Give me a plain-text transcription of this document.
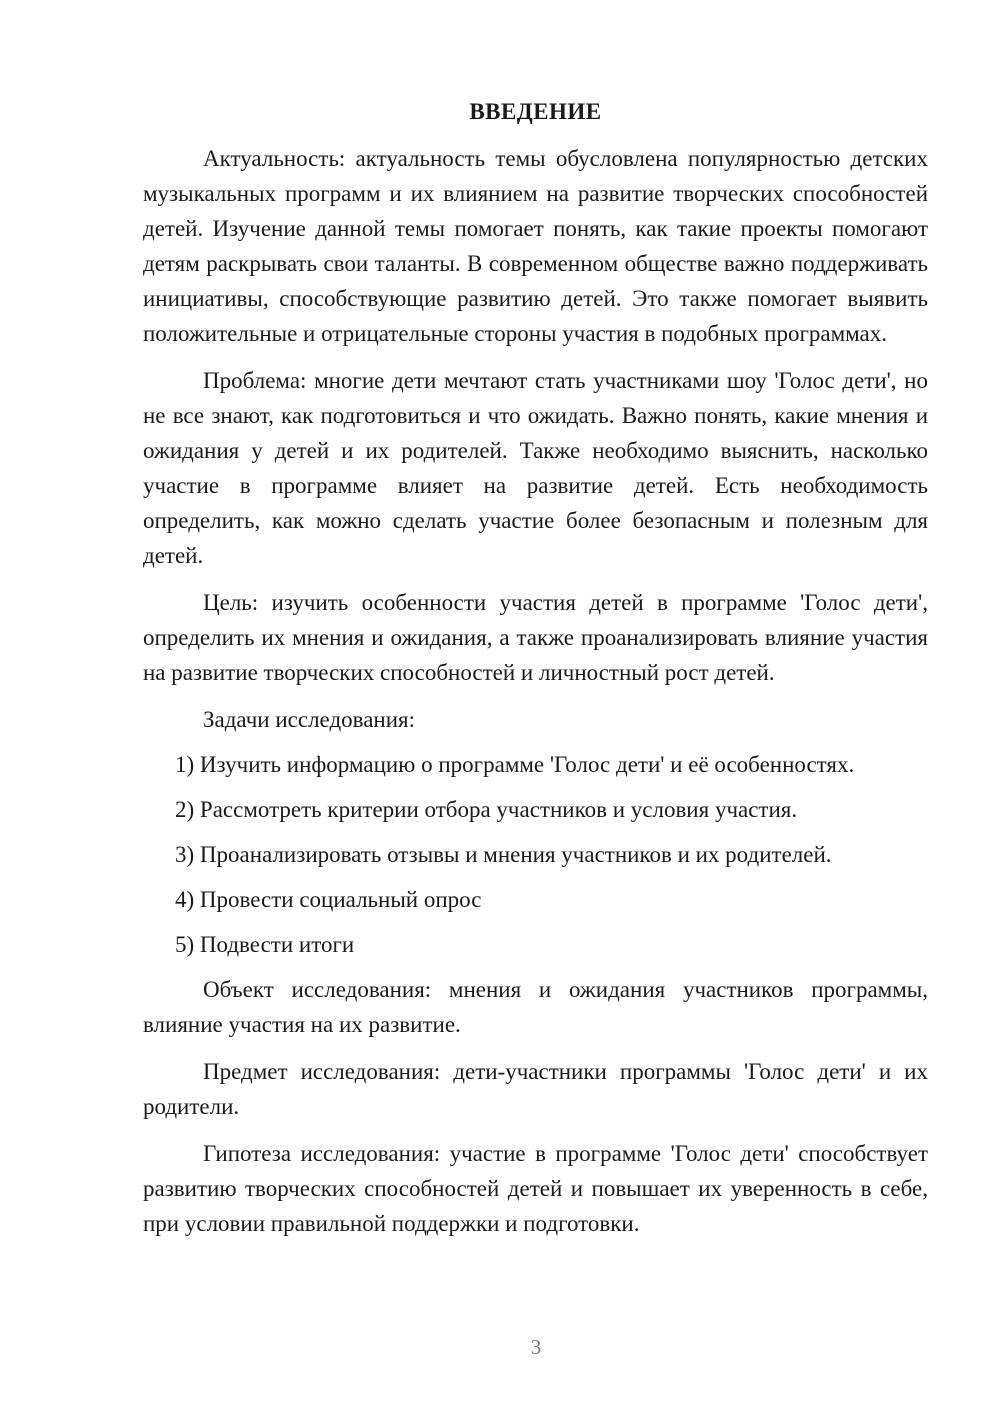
ВВЕДЕНИЕ

Актуальность: актуальность темы обусловлена популярностью детских музыкальных программ и их влиянием на развитие творческих способностей детей. Изучение данной темы помогает понять, как такие проекты помогают детям раскрывать свои таланты. В современном обществе важно поддерживать инициативы, способствующие развитию детей. Это также помогает выявить положительные и отрицательные стороны участия в подобных программах.

Проблема: многие дети мечтают стать участниками шоу 'Голос дети', но не все знают, как подготовиться и что ожидать. Важно понять, какие мнения и ожидания у детей и их родителей. Также необходимо выяснить, насколько участие в программе влияет на развитие детей. Есть необходимость определить, как можно сделать участие более безопасным и полезным для детей.

Цель: изучить особенности участия детей в программе 'Голос дети', определить их мнения и ожидания, а также проанализировать влияние участия на развитие творческих способностей и личностный рост детей.

Задачи исследования:

1) Изучить информацию о программе 'Голос дети' и её особенностях.
2) Рассмотреть критерии отбора участников и условия участия.
3) Проанализировать отзывы и мнения участников и их родителей.
4) Провести социальный опрос
5) Подвести итоги

Объект исследования: мнения и ожидания участников программы, влияние участия на их развитие.

Предмет исследования: дети-участники программы 'Голос дети' и их родители.

Гипотеза исследования: участие в программе 'Голос дети' способствует развитию творческих способностей детей и повышает их уверенность в себе, при условии правильной поддержки и подготовки.

3
